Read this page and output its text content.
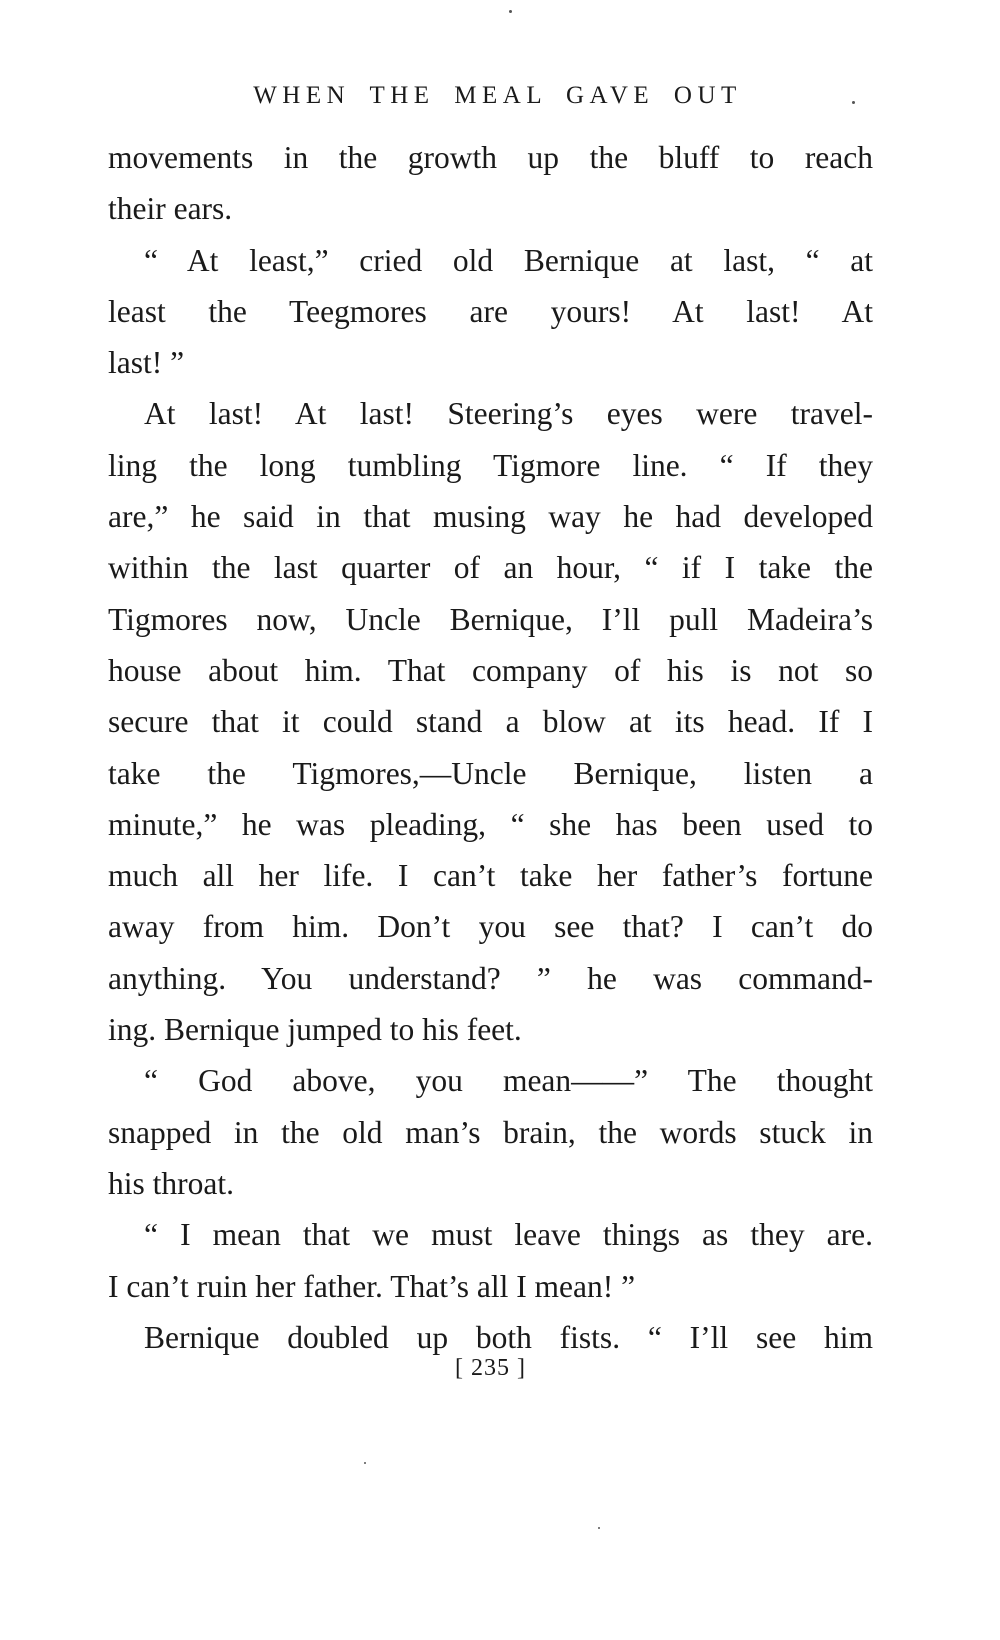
WHEN THE MEAL GAVE OUT
movements in the growth up the bluff to reach
their ears.
“ At least,” cried old Bernique at last, “ at
least the Teegmores are yours! At last! At
last! ”
At last! At last! Steering’s eyes were travel-
ling the long tumbling Tigmore line. “ If they
are,” he said in that musing way he had developed
within the last quarter of an hour, “ if I take the
Tigmores now, Uncle Bernique, I’ll pull Madeira’s
house about him. That company of his is not so
secure that it could stand a blow at its head. If I
take the Tigmores,—Uncle Bernique, listen a
minute,” he was pleading, “ she has been used to
much all her life. I can’t take her father’s fortune
away from him. Don’t you see that? I can’t do
anything. You understand? ” he was command-
ing. Bernique jumped to his feet.
“ God above, you mean——” The thought
snapped in the old man’s brain, the words stuck in
his throat.
“ I mean that we must leave things as they are.
I can’t ruin her father. That’s all I mean! ”
Bernique doubled up both fists. “ I’ll see him
[ 235 ]
